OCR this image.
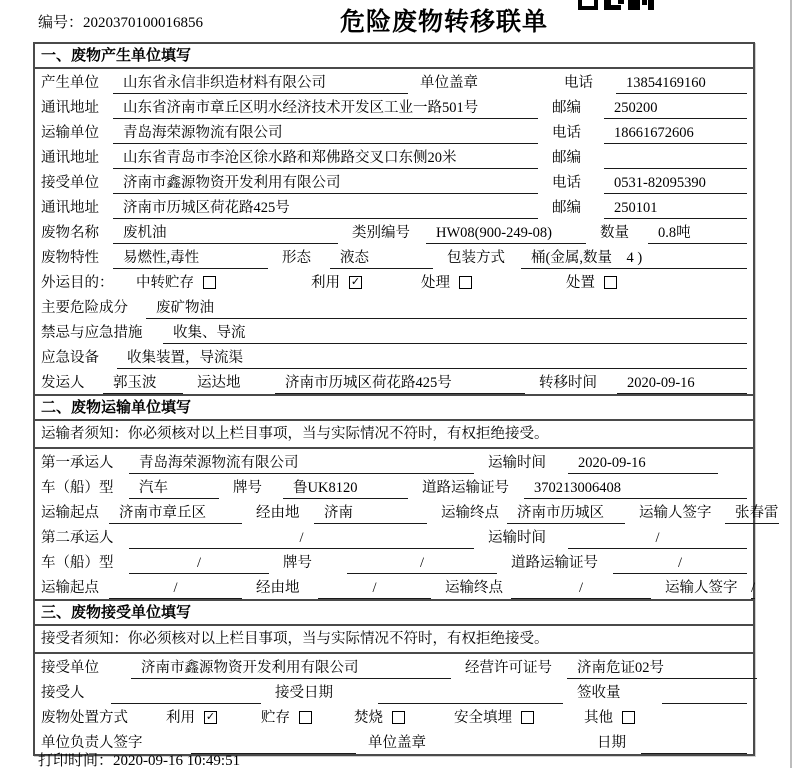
编号：2020370100016856	危险废物转移联单
一、废物产生单位填写
产生单位	山东省永信非织造材料有限公司	单位盖章	电话	13854169160
通讯地址	山东省济南市章丘区明水经济技术开发区工业一路501号	邮编	250200
运输单位	青岛海荣源物流有限公司	电话	18661672606
通讯地址	山东省青岛市李沧区徐水路和郑佛路交叉口东侧20米	邮编
接受单位	济南市鑫源物资开发利用有限公司	电话	0531-82095390
通讯地址	济南市历城区荷花路425号	邮编	250101
废物名称	废机油	类别编号	HW08(900-249-08)	数量	0.8吨
废物特性	易燃性,毒性	形态	液态	包装方式	桶(金属,数量　4 )
外运目的：	中转贮存	利用 ✓	处理	处置
主要危险成分	废矿物油
禁忌与应急措施	收集、导流
应急设备	收集装置，导流渠
发运人	郭玉波	运达地	济南市历城区荷花路425号	转移时间	2020-09-16
二、废物运输单位填写
运输者须知：你必须核对以上栏目事项，当与实际情况不符时，有权拒绝接受。
第一承运人	青岛海荣源物流有限公司	运输时间	2020-09-16
车（船）型	汽车	牌号	鲁UK8120	道路运输证号	370213006408
运输起点	济南市章丘区	经由地	济南	运输终点	济南市历城区	运输人签字	张春雷
第二承运人	/	运输时间	/
车（船）型	/	牌号	/	道路运输证号	/
运输起点	/	经由地	/	运输终点	/	运输人签字 /
三、废物接受单位填写
接受者须知：你必须核对以上栏目事项，当与实际情况不符时，有权拒绝接受。
接受单位	济南市鑫源物资开发利用有限公司	经营许可证号	济南危证02号
接受人	接受日期	签收量
废物处置方式	利用 ✓	贮存	焚烧	安全填埋	其他
单位负责人签字	单位盖章	日期
打印时间：2020-09-16 10:49:51
